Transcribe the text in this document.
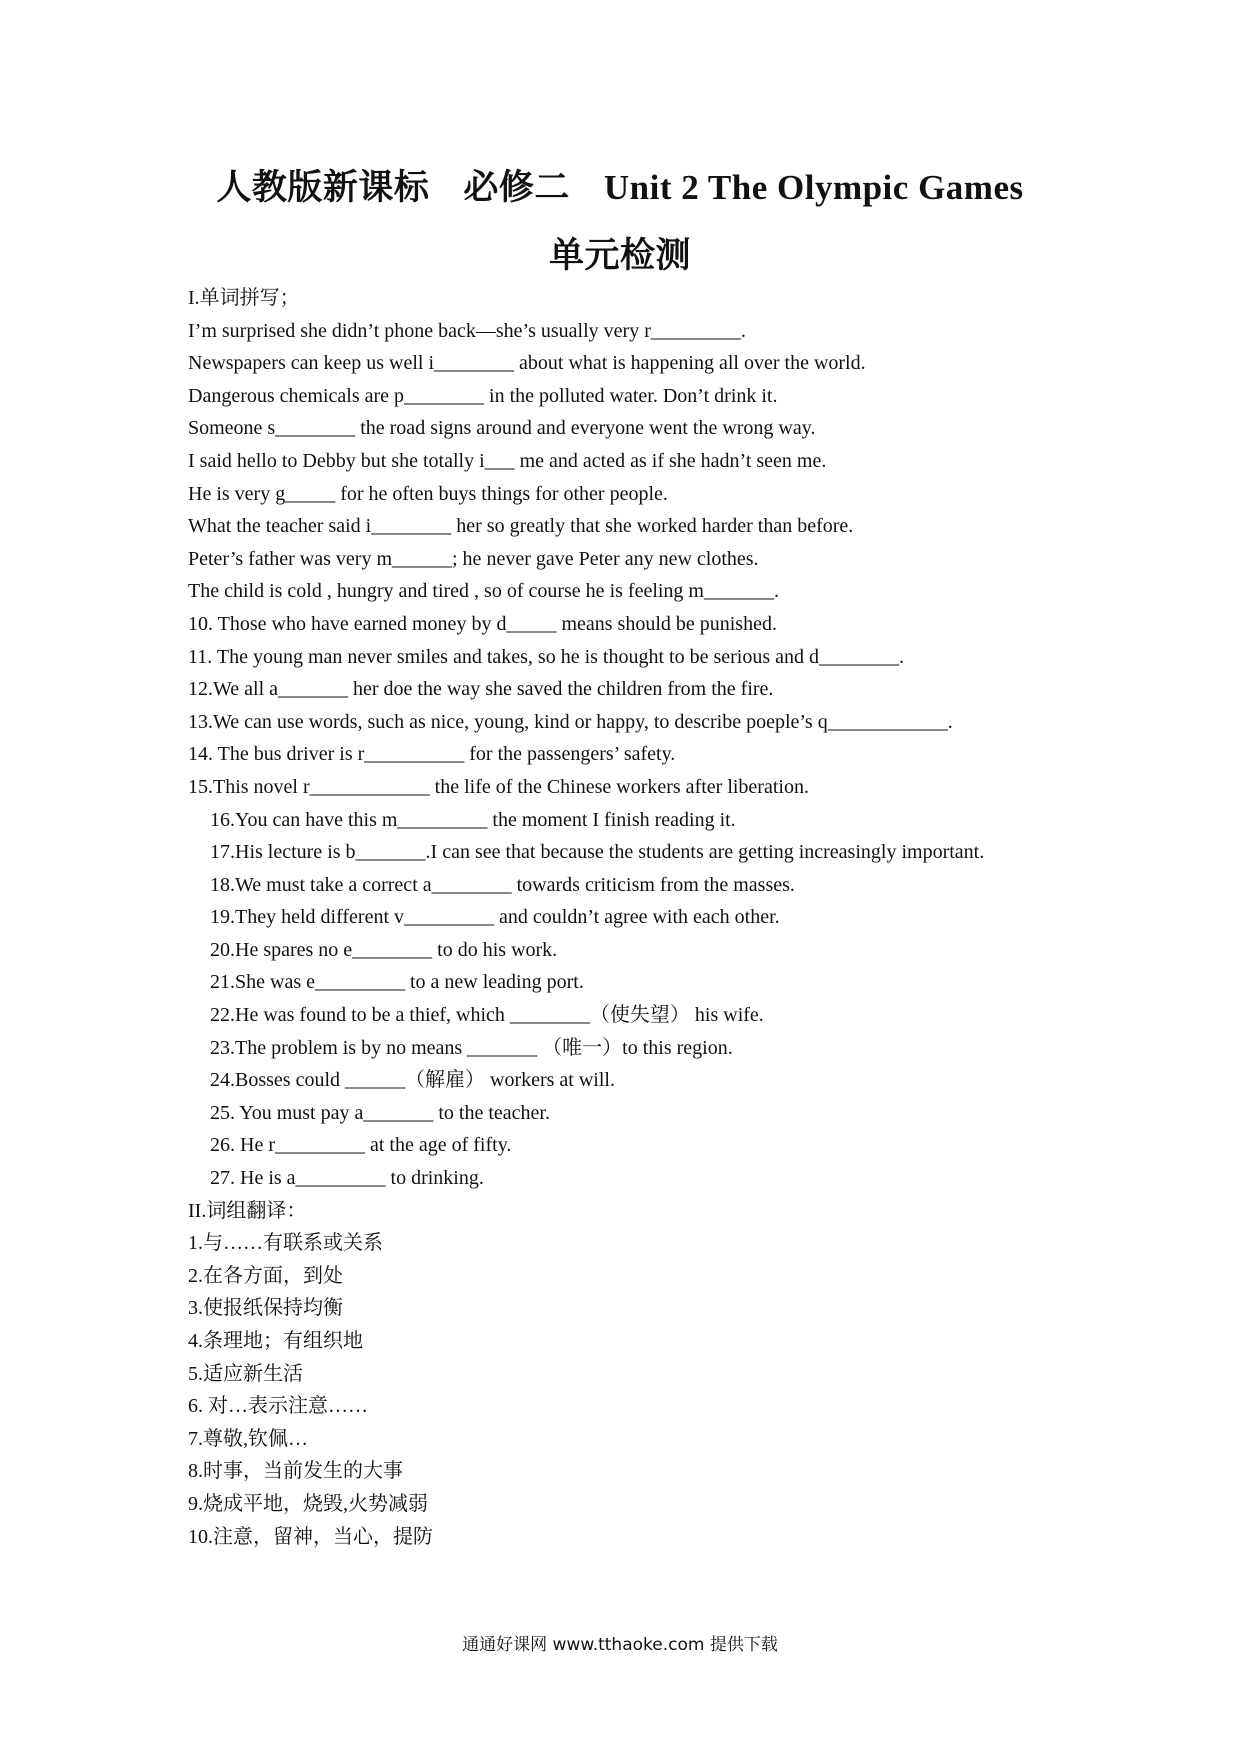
人教版新课标 必修二 Unit 2 The Olympic Games
单元检测
I.单词拼写；
I’m surprised she didn’t phone back—she’s usually very r_________.
Newspapers can keep us well i________ about what is happening all over the world.
Dangerous chemicals are p________ in the polluted water. Don’t drink it.
Someone s________ the road signs around and everyone went the wrong way.
I said hello to Debby but she totally i___ me and acted as if she hadn’t seen me.
He is very g_____ for he often buys things for other people.
What the teacher said i________ her so greatly that she worked harder than before.
Peter’s father was very m______; he never gave Peter any new clothes.
The child is cold , hungry and tired , so of course he is feeling m_______.
10. Those who have earned money by d_____ means should be punished.
11. The young man never smiles and takes, so he is thought to be serious and d________.
12.We all a_______ her doe the way she saved the children from the fire.
13.We can use words, such as nice, young, kind or happy, to describe poeple’s q____________.
14. The bus driver is r__________ for the passengers’ safety.
15.This novel r____________ the life of the Chinese workers after liberation.
16.You can have this m_________ the moment I finish reading it.
17.His lecture is b_______.I can see that because the students are getting increasingly important.
18.We must take a correct a________ towards criticism from the masses.
19.They held different v_________ and couldn’t agree with each other.
20.He spares no e________ to do his work.
21.She was e_________ to a new leading port.
22.He was found to be a thief, which ________（使失望） his wife.
23.The problem is by no means _______ （唯一）to this region.
24.Bosses could ______（解雇） workers at will.
25. You must pay a_______ to the teacher.
26. He r_________ at the age of fifty.
27. He is a_________ to drinking.
II.词组翻译：
1.与……有联系或关系
2.在各方面，到处
3.使报纸保持均衡
4.条理地；有组织地
5.适应新生活
6. 对…表示注意……
7.尊敬,钦佩…
8.时事，当前发生的大事
9.烧成平地，烧毁,火势减弱
10.注意，留神，当心，提防
通通好课网 www.tthaoke.com 提供下载
